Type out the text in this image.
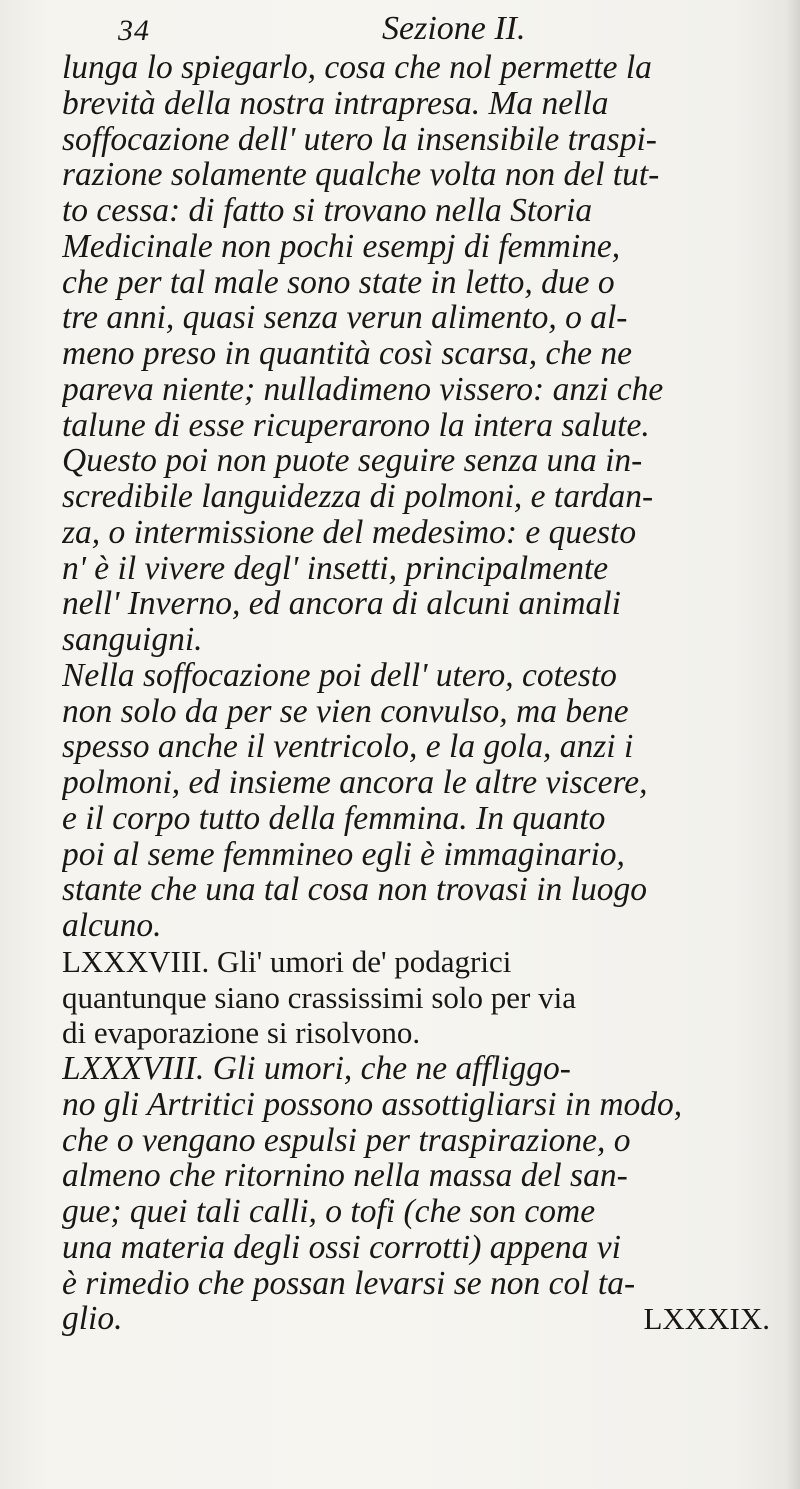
34	Sezione II.
lunga lo spiegarlo, cosa che nol permette la
brevità della nostra intrapresa. Ma nella
soffocazione dell' utero la insensibile traspi-
razione solamente qualche volta non del tut-
to cessa: di fatto si trovano nella Storia
Medicinale non pochi esempj di femmine,
che per tal male sono state in letto, due o
tre anni, quasi senza verun alimento, o al-
meno preso in quantità così scarsa, che ne
pareva niente; nulladimeno vissero: anzi che
talune di esse ricuperarono la intera salute.
Questo poi non puote seguire senza una in-
scredibile languidezza di polmoni, e tardan-
za, o intermissione del medesimo: e questo
n' è il vivere degl' insetti, principalmente
nell' Inverno, ed ancora di alcuni animali
sanguigni.
Nella soffocazione poi dell' utero, cotesto
non solo da per se vien convulso, ma bene
spesso anche il ventricolo, e la gola, anzi i
polmoni, ed insieme ancora le altre viscere,
e il corpo tutto della femmina. In quanto
poi al seme femmineo egli è immaginario,
stante che una tal cosa non trovasi in luogo
alcuno.
LXXXVIII. Gli' umori de' podagrici
quantunque siano crassissimi solo per via
di evaporazione si risolvono.
LXXXVIII. Gli umori, che ne affliggo-
no gli Artritici possono assottigliarsi in modo,
che o vengano espulsi per traspirazione, o
almeno che ritornino nella massa del san-
gue; quei tali calli, o tofi (che son come
una materia degli ossi corrotti) appena vi
è rimedio che possan levarsi se non col ta-
glio.	LXXXIX.
